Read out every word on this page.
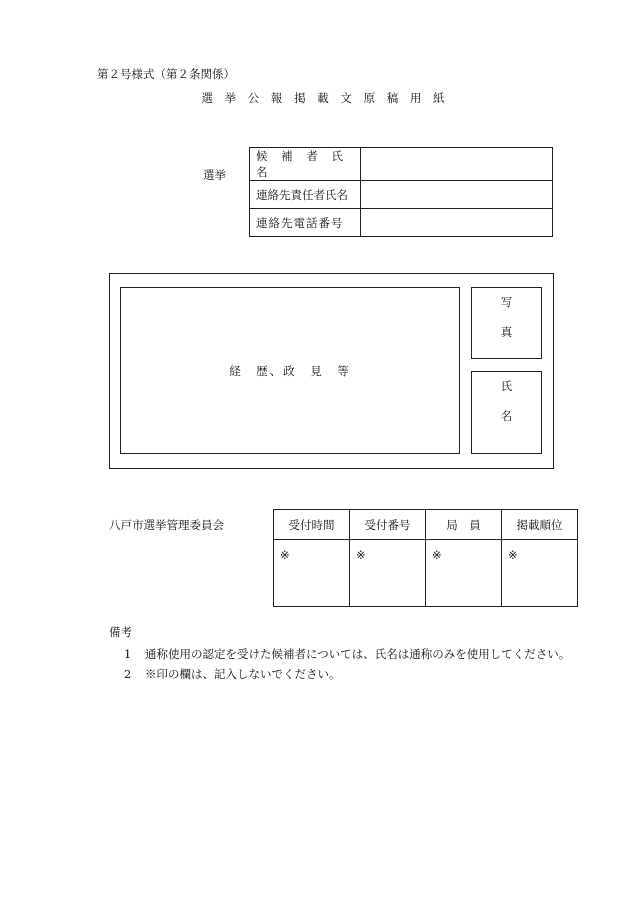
第２号様式（第２条関係）
選 挙 公 報 掲 載 文 原 稿 用 紙
選挙
候 補 者 氏 名	
連絡先責任者氏名	
連絡先電話番号	
経　歴、政　見　等
写
真
氏
名
八戸市選挙管理委員会	受付時間	受付番号	局　員	掲載順位
※	※	※	※
備考
1 通称使用の認定を受けた候補者については、氏名は通称のみを使用してください。
2 ※印の欄は、記入しないでください。
